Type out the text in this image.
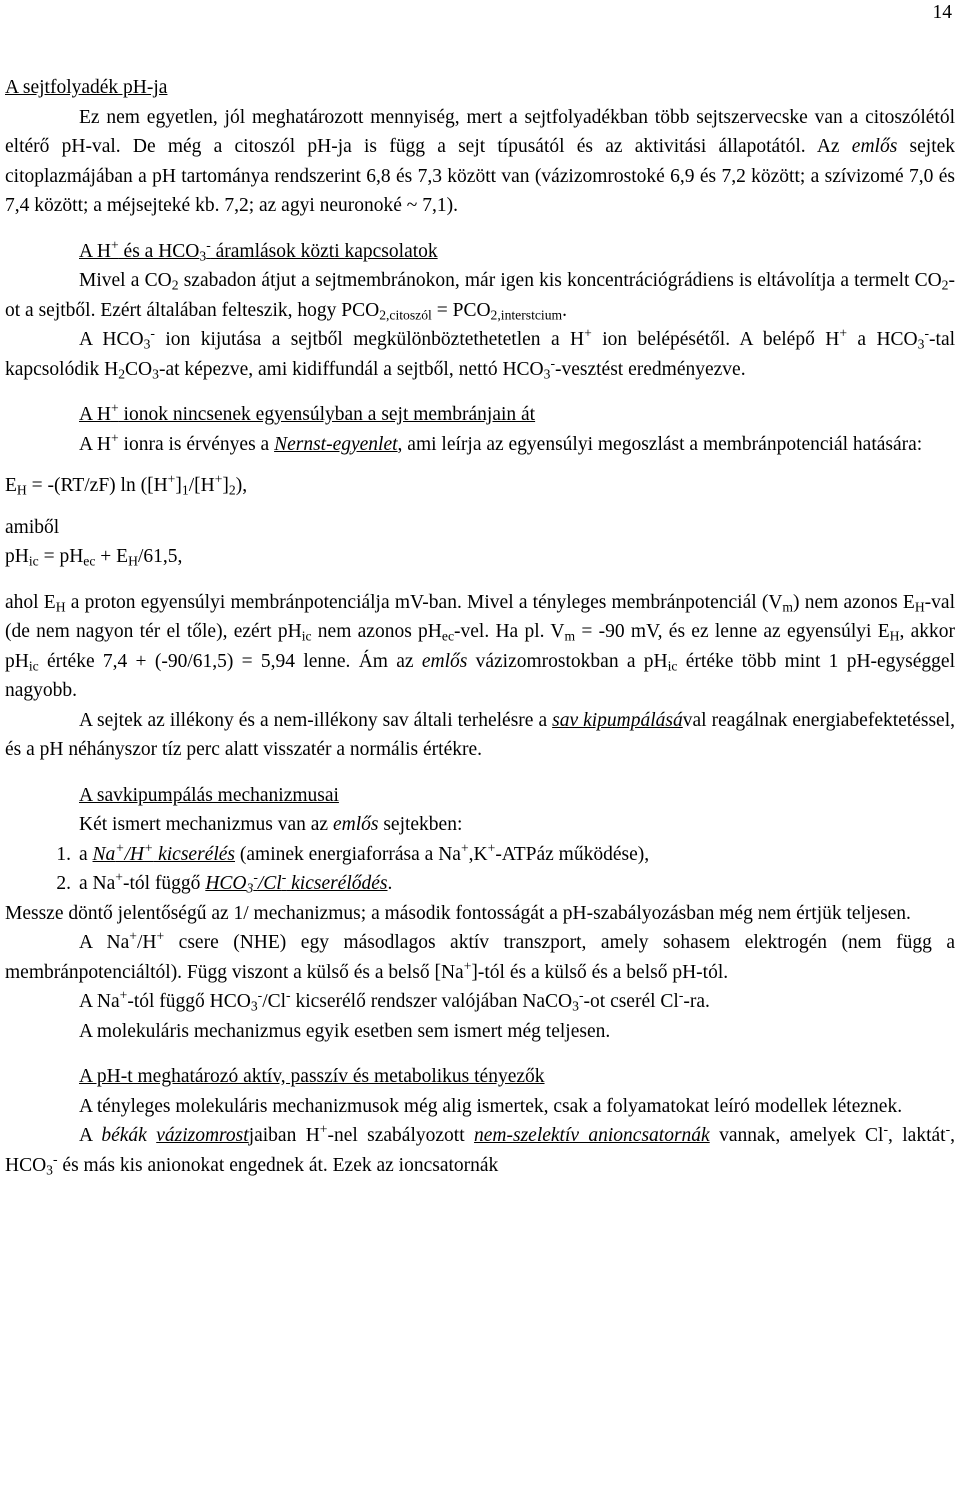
14

A sejtfolyadék pH-ja

Ez nem egyetlen, jól meghatározott mennyiség, mert a sejtfolyadékban több sejtszervecske van a citoszólétól eltérő pH-val. De még a citoszól pH-ja is függ a sejt típusától és az aktivitási állapotától. Az emlős sejtek citoplazmájában a pH tartománya rendszerint 6,8 és 7,3 között van (vázizomrostoké 6,9 és 7,2 között; a szívizomé 7,0 és 7,4 között; a méjsejteké kb. 7,2; az agyi neuronoké ~ 7,1).

A H+ és a $HCO_3^-$ áramlások közti kapcsolatok

Mivel a $CO_2$ szabadon átjut a sejtmembránokon, már igen kis koncentrációgrádiens is eltávolítja a termelt $CO_2-ot$ a sejtből. Ezért általában felteszik, hogy $PCO_{2,citoszól} = PCO_{2,interstcium}$.

A $HCO_3^-$ ion kijutása a sejtből megkülönböztethetetlen a H+ ion belépésétől. A belépő H+ a $HCO_3^-$-tal kapcsolódik $H_2CO_3-at$ képezve, ami kidiffundál a sejtből, nettó $HCO_3^-$-vesztést eredményezve.

A H+ ionok nincsenek egyensúlyban a sejt membránjain át

A H+ ionra is érvényes a Nernst-egyenlet, ami leírja az egyensúlyi megoszlást a membránpotenciál hatására:

$E_H = -(RT/zF)$ $\ln ([H^+]_1/[H^+]_2)$,

amiből

$pH_{ic} = pH_{ec} + E_H/61,5$,

ahol $E_H$ a proton egyensúlyi membránpotenciálja mV-ban. Mivel a tényleges membránpotenciál $(V_m)$ nem azonos $E_H$-val (de nem nagyon tér el tőle), ezért $pH_{ic}$ nem azonos $pH_{ec}$-vel. Ha pl. $V_m = -90$ mV, és ez lenne az egyensúlyi $E_H$, akkor $pH_{ic}$ értéke 7,4 + (-90/61,5) = 5,94 lenne. Ám az emlős vázizomrostokban a $pH_{ic}$ értéke több mint 1 pH-egységgel nagyobb.

A sejtek az illékony és a nem-illékony sav általi terhelésre a sav kipumpálásával reagálnak energiabefektetéssel, és a pH néhányszor tíz perc alatt visszatér a normális értékre.

A savkipumpálás mechanizmusai

Két ismert mechanizmus van az emlős sejtekben:

1. a Na+/H+ kicserélés (aminek energiaforrása a Na+,K+-ATPáz működése),
2. a Na+-tól függő $HCO_3^-/Cl^-$ kicserélődés.

Messze döntő jelentőségű az 1/ mechanizmus; a második fontosságát a pH-szabályozásban még nem értjük teljesen.

A Na+/H+ csere (NHE) egy másodlagos aktív transzport, amely sohasem elektrogén (nem függ a membránpotenciáltól). Függ viszont a külső és a belső [Na+]-tól és a külső és a belső pH-tól.

A Na+-tól függő $HCO_3^-/Cl^-$ kicserélő rendszer valójában NaCO$_3$--ot cserél Cl--ra.

A molekuláris mechanizmus egyik esetben sem ismert még teljesen.

A pH-t meghatározó aktív, passzív és metabolikus tényezők

A tényleges molekuláris mechanizmusok még alig ismertek, csak a folyamatokat leíró modellek léteznek.

A békák vázizomrostjaiban H+-nel szabályozott nem-szelektív anioncsatornák vannak, amelyek Cl-, laktát-, $HCO_3^-$ és más kis anionokat engednek át. Ezek az ioncsatornák
